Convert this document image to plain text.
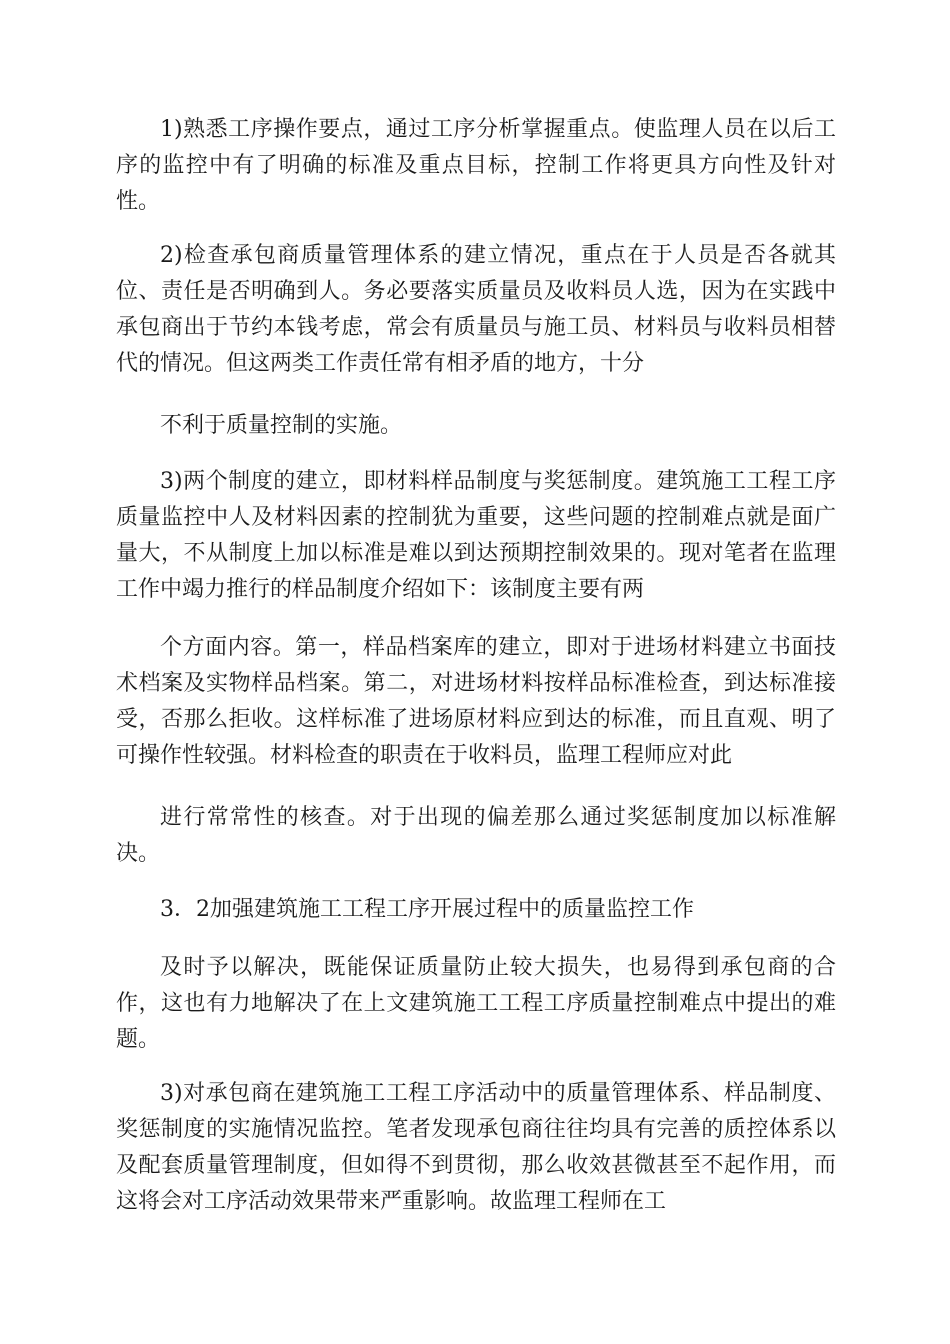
1)熟悉工序操作要点，通过工序分析掌握重点。使监理人员在以后工序的监控中有了明确的标准及重点目标，控制工作将更具方向性及针对性。

2)检查承包商质量管理体系的建立情况，重点在于人员是否各就其位、责任是否明确到人。务必要落实质量员及收料员人选，因为在实践中承包商出于节约本钱考虑，常会有质量员与施工员、材料员与收料员相替代的情况。但这两类工作责任常有相矛盾的地方，十分

不利于质量控制的实施。

3)两个制度的建立，即材料样品制度与奖惩制度。建筑施工工程工序质量监控中人及材料因素的控制犹为重要，这些问题的控制难点就是面广量大，不从制度上加以标准是难以到达预期控制效果的。现对笔者在监理工作中竭力推行的样品制度介绍如下：该制度主要有两

个方面内容。第一，样品档案库的建立，即对于进场材料建立书面技术档案及实物样品档案。第二，对进场材料按样品标准检查，到达标准接受，否那么拒收。这样标准了进场原材料应到达的标准，而且直观、明了可操作性较强。材料检查的职责在于收料员，监理工程师应对此

进行常常性的核查。对于出现的偏差那么通过奖惩制度加以标准解决。

3．2加强建筑施工工程工序开展过程中的质量监控工作

及时予以解决，既能保证质量防止较大损失，也易得到承包商的合作，这也有力地解决了在上文建筑施工工程工序质量控制难点中提出的难题。

3)对承包商在建筑施工工程工序活动中的质量管理体系、样品制度、奖惩制度的实施情况监控。笔者发现承包商往往均具有完善的质控体系以及配套质量管理制度，但如得不到贯彻，那么收效甚微甚至不起作用，而这将会对工序活动效果带来严重影响。故监理工程师在工
